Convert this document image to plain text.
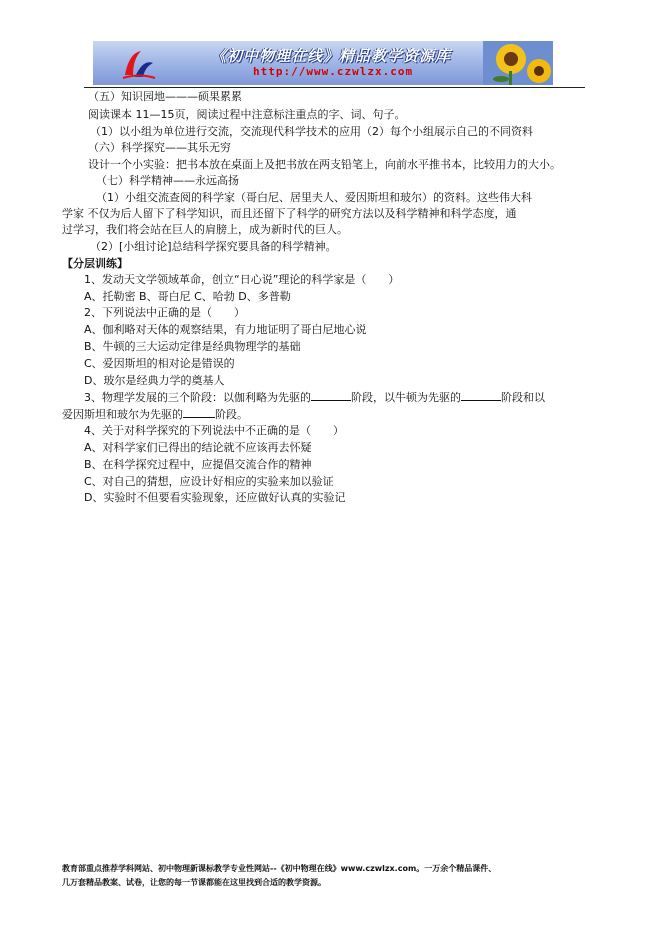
《初中物理在线》精品教学资源库
http://www.czwlzx.com
（五）知识园地———硕果累累
阅读课本 11—15页，阅读过程中注意标注重点的字、词、句子。
（1）以小组为单位进行交流，交流现代科学技术的应用（2）每个小组展示自己的不同资料
（六）科学探究——其乐无穷
设计一个小实验：把书本放在桌面上及把书放在两支铅笔上，向前水平推书本，比较用力的大小。
（七）科学精神——永远高扬
（1）小组交流查阅的科学家（哥白尼、居里夫人、爱因斯坦和玻尔）的资料。这些伟大科
学家 不仅为后人留下了科学知识，而且还留下了科学的研究方法以及科学精神和科学态度，通
过学习，我们将会站在巨人的肩膀上，成为新时代的巨人。
（2）[小组讨论]总结科学探究要具备的科学精神。
【分层训练】
1、发动天文学领域革命，创立“日心说”理论的科学家是（　　）
A、托勒密 B、哥白尼 C、哈勃 D、多普勒
2、下列说法中正确的是（　　）
A、伽利略对天体的观察结果，有力地证明了哥白尼地心说
B、牛顿的三大运动定律是经典物理学的基础
C、爱因斯坦的相对论是错误的
D、玻尔是经典力学的奠基人
3、物理学发展的三个阶段：以伽利略为先驱的	阶段，以牛顿为先驱的	阶段和以
爱因斯坦和玻尔为先驱的	阶段。
4、关于对科学探究的下列说法中不正确的是（　　）
A、对科学家们已得出的结论就不应该再去怀疑
B、在科学探究过程中，应提倡交流合作的精神
C、对自己的猜想，应设计好相应的实验来加以验证
D、实验时不但要看实验现象，还应做好认真的实验记
教育部重点推荐学科网站、初中物理新课标教学专业性网站--《初中物理在线》www.czwlzx.com。一万余个精品课件、
几万套精品教案、试卷，让您的每一节课都能在这里找到合适的教学资源。
